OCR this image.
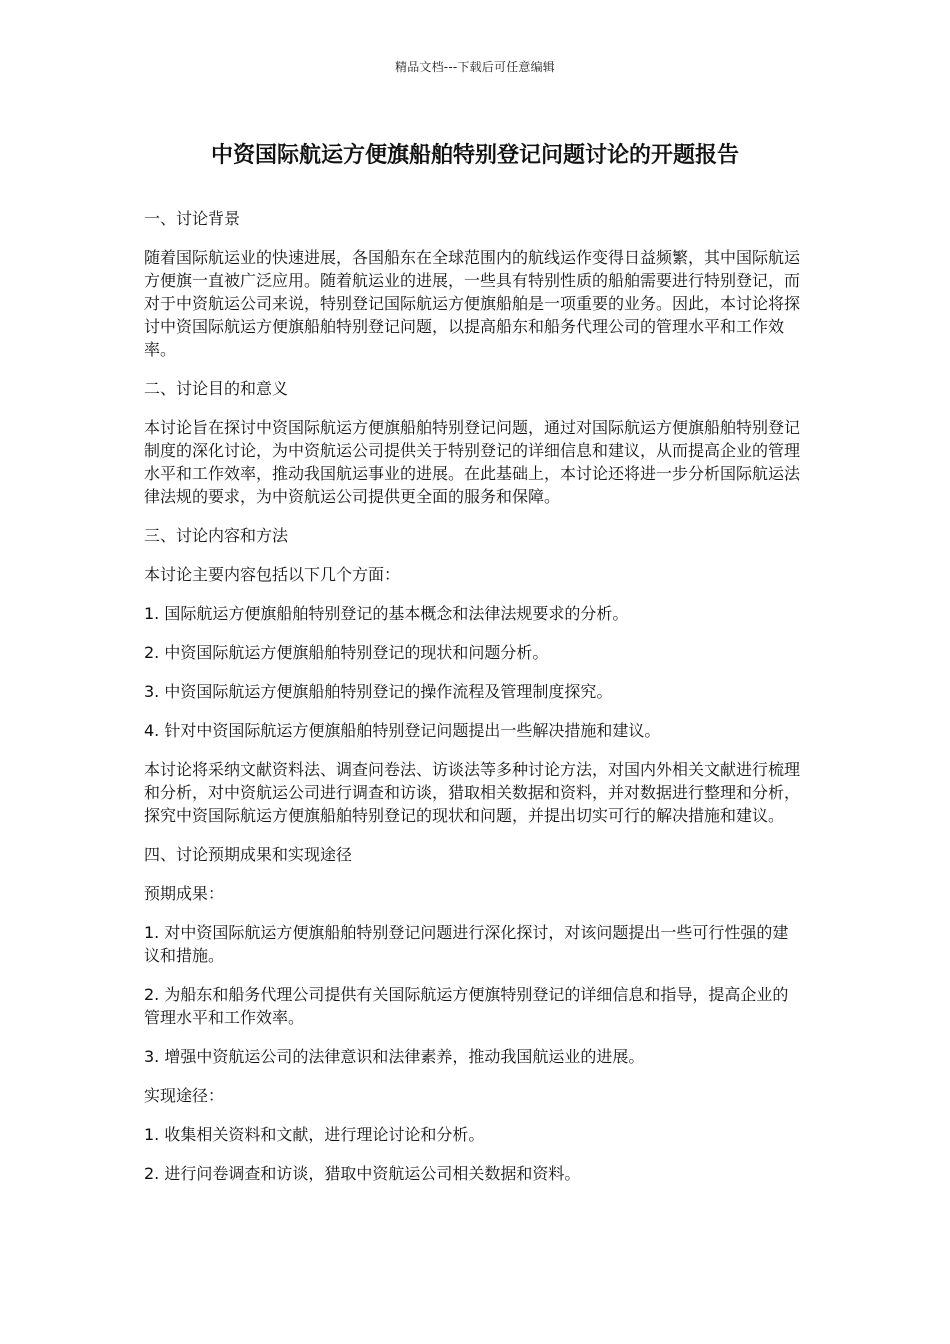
精品文档---下载后可任意编辑
中资国际航运方便旗船舶特别登记问题讨论的开题报告

一、讨论背景

随着国际航运业的快速进展，各国船东在全球范围内的航线运作变得日益频繁，其中国际航运方便旗一直被广泛应用。随着航运业的进展，一些具有特别性质的船舶需要进行特别登记，而对于中资航运公司来说，特别登记国际航运方便旗船舶是一项重要的业务。因此，本讨论将探讨中资国际航运方便旗船舶特别登记问题，以提高船东和船务代理公司的管理水平和工作效率。

二、讨论目的和意义

本讨论旨在探讨中资国际航运方便旗船舶特别登记问题，通过对国际航运方便旗船舶特别登记制度的深化讨论，为中资航运公司提供关于特别登记的详细信息和建议，从而提高企业的管理水平和工作效率，推动我国航运事业的进展。在此基础上，本讨论还将进一步分析国际航运法律法规的要求，为中资航运公司提供更全面的服务和保障。

三、讨论内容和方法

本讨论主要内容包括以下几个方面：

1. 国际航运方便旗船舶特别登记的基本概念和法律法规要求的分析。

2. 中资国际航运方便旗船舶特别登记的现状和问题分析。

3. 中资国际航运方便旗船舶特别登记的操作流程及管理制度探究。

4. 针对中资国际航运方便旗船舶特别登记问题提出一些解决措施和建议。

本讨论将采纳文献资料法、调查问卷法、访谈法等多种讨论方法，对国内外相关文献进行梳理和分析，对中资航运公司进行调查和访谈，猎取相关数据和资料，并对数据进行整理和分析，探究中资国际航运方便旗船舶特别登记的现状和问题，并提出切实可行的解决措施和建议。

四、讨论预期成果和实现途径

预期成果：

1. 对中资国际航运方便旗船舶特别登记问题进行深化探讨，对该问题提出一些可行性强的建议和措施。

2. 为船东和船务代理公司提供有关国际航运方便旗特别登记的详细信息和指导，提高企业的管理水平和工作效率。

3. 增强中资航运公司的法律意识和法律素养，推动我国航运业的进展。

实现途径：

1. 收集相关资料和文献，进行理论讨论和分析。

2. 进行问卷调查和访谈，猎取中资航运公司相关数据和资料。
